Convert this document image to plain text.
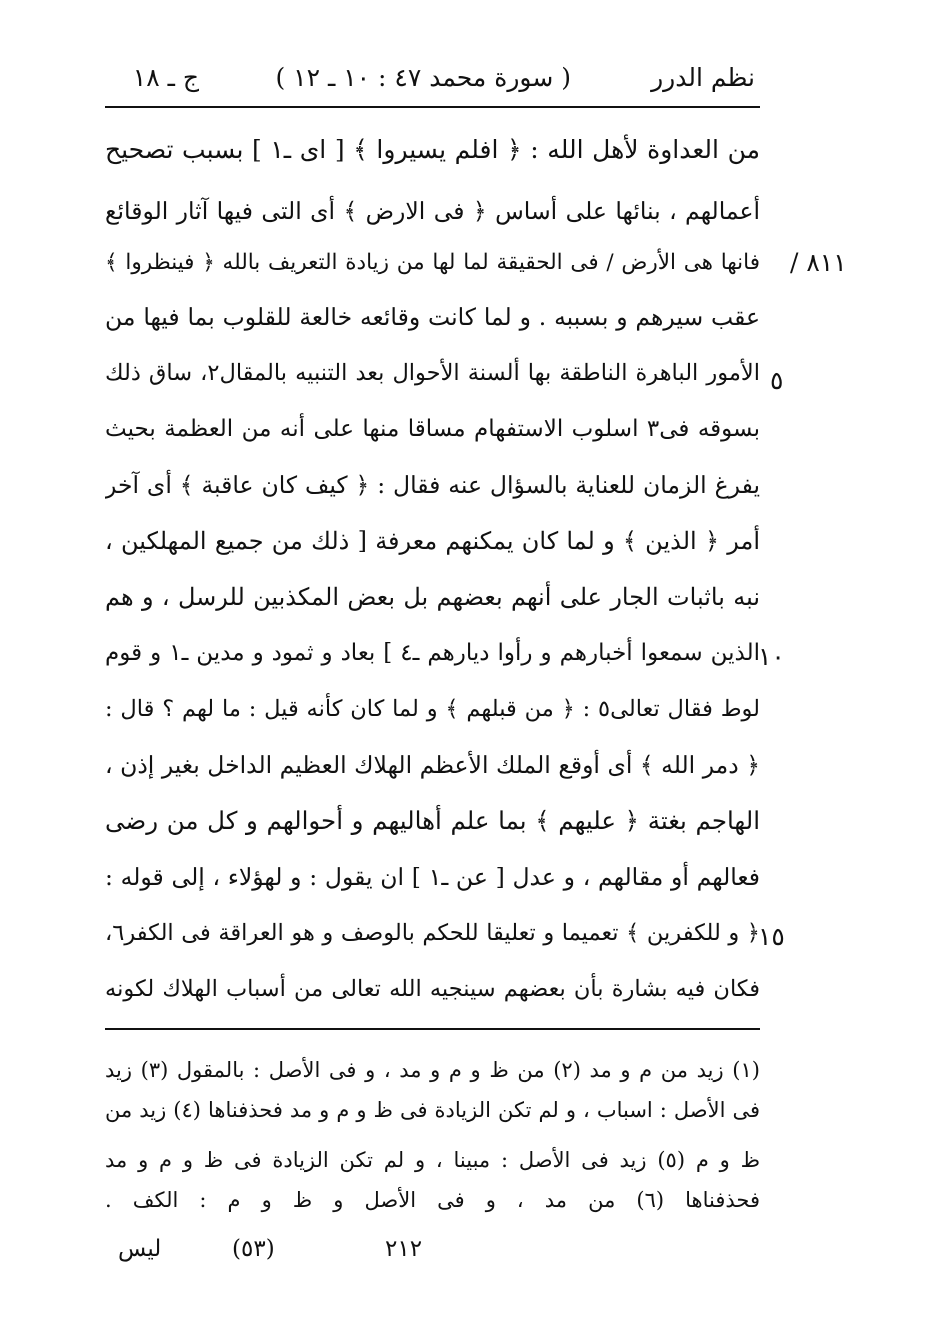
نظم الدرر
( سورة محمد ٤٧ : ١٠ ـ ١٢ )
ج ـ ١٨
٨١١ /
٥
١٠
١٥
من العداوة لأهل الله : ﴿ افلم يسيروا ﴾ [ اى ـ١ ] بسبب تصحيح
أعمالهم ، بنائها على أساس ﴿ فى الارض ﴾ أى التى فيها آثار الوقائع
فانها هى الأرض / فى الحقيقة لما لها من زيادة التعريف بالله ﴿ فينظروا ﴾
عقب سيرهم و بسببه . و لما كانت وقائعه خالعة للقلوب بما فيها من
الأمور الباهرة الناطقة بها ألسنة الأحوال بعد التنبيه بالمقال٢، ساق ذلك
بسوقه فى٣ اسلوب الاستفهام مساقا منها على أنه من العظمة بحيث
يفرغ الزمان للعناية بالسؤال عنه فقال : ﴿ كيف كان عاقبة ﴾ أى آخر
أمر ﴿ الذين ﴾ و لما كان يمكنهم معرفة [ ذلك من جميع المهلكين ،
نبه باثبات الجار على أنهم بعضهم بل بعض المكذبين للرسل ، و هم
الذين سمعوا أخبارهم و رأوا ديارهم ـ٤ ] بعاد و ثمود و مدين ـ١ و قوم
لوط فقال تعالى٥ : ﴿ من قبلهم ﴾ و لما كان كأنه قيل : ما لهم ؟ قال :
﴿ دمر الله ﴾ أى أوقع الملك الأعظم الهلاك العظيم الداخل بغير إذن ،
الهاجم بغتة ﴿ عليهم ﴾ بما علم أهاليهم و أحوالهم و كل من رضى
فعالهم أو مقالهم ، و عدل [ عن ـ١ ] ان يقول : و لهؤلاء ، إلى قوله :
﴿ و للكفرين ﴾ تعميما و تعليقا للحكم بالوصف و هو العراقة فى الكفر٦،
فكان فيه بشارة بأن بعضهم سينجيه الله تعالى من أسباب الهلاك لكونه
(١) زيد من م و مد (٢) من ظ و م و مد ، و فى الأصل : بالمقول (٣) زيد
فى الأصل : اسباب ، و لم تكن الزيادة فى ظ و م و مد فحذفناها (٤) زيد من
ظ و م (٥) زيد فى الأصل : مبينا ، و لم تكن الزيادة فى ظ و م و مد
فحذفناها (٦) من مد ، و فى الأصل و ظ و م : الكف .
ليس	(٥٣)	٢١٢
